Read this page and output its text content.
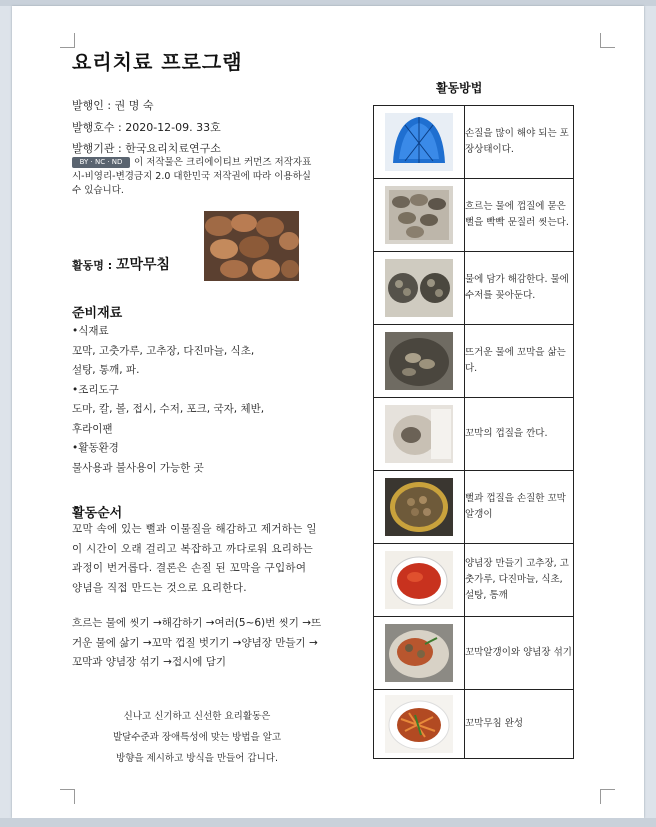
요리치료 프로그램
발행인 : 권 명 숙
발행호수 : 2020-12-09. 33호
발행기관 : 한국요리치료연구소
BY · NC · ND 이 저작물은 크리에이티브 커먼즈 저작자표시-비영리-변경금지 2.0 대한민국 저작권에 따라 이용하실 수 있습니다.
활동명 : 꼬막무침
준비재료
•식재료
꼬막, 고춧가루, 고추장, 다진마늘, 식초,
설탕, 통깨, 파.
•조리도구
도마, 칼, 볼, 접시, 수저, 포크, 국자, 체반,
후라이팬
•활동환경
물사용과 불사용이 가능한 곳
활동순서
꼬막 속에 있는 뻘과 이물질을 해감하고 제거하는 일이 시간이 오래 걸리고 복잡하고 까다로워 요리하는 과정이 번거롭다. 결론은 손질 된 꼬막을 구입하여 양념을 직접 만드는 것으로 요리한다.
흐르는 물에 씻기 →해감하기 →여러(5~6)번 씻기 →뜨거운 물에 삶기 →꼬막 껍질 벗기기 →양념장 만들기 →꼬막과 양념장 섞기 →접시에 담기
신나고 신기하고 신선한 요리활동은
발달수준과 장애특성에 맞는 방법을 알고
방향을 제시하고 방식을 만들어 갑니다.
활동방법
	손질을 많이 해야 되는 포장상태이다.

	흐르는 물에 껍질에 묻은 뻘을 빡빡 문질러 씻는다.

	물에 담가 해감한다. 물에 수저를 꽂아둔다.

	뜨거운 물에 꼬막을 삶는다.

	꼬막의 껍질을 깐다.

	뻘과 껍질을 손질한 꼬막 알갱이

	양념장 만들기 고추장, 고춧가루, 다진마늘, 식초, 설탕, 통깨

	꼬막알갱이와 양념장 섞기

	꼬막무침 완성
